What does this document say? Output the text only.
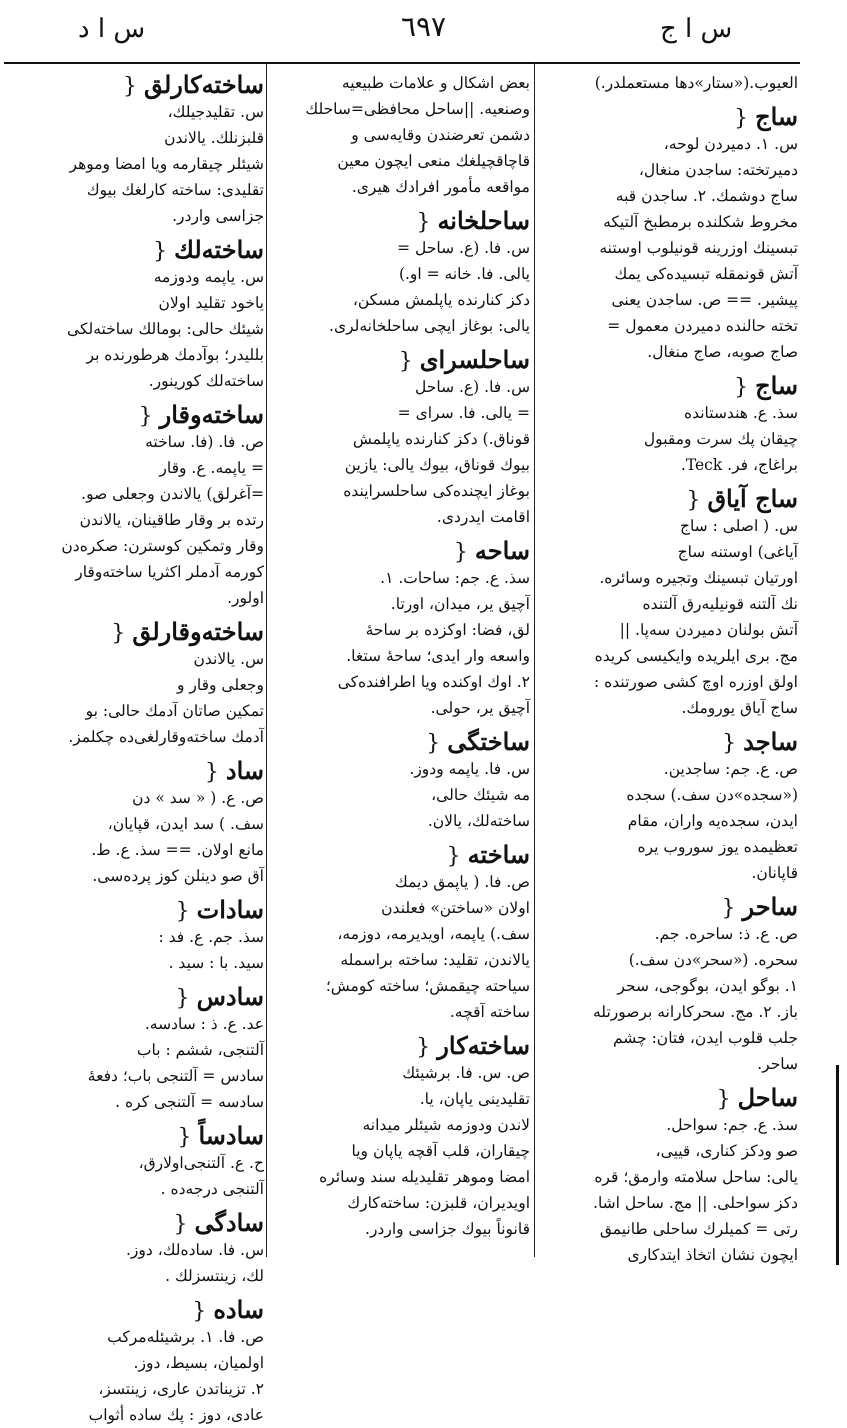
س ا د	٦٩٧	س ا ج
العیوب.(«ستار»دها مستعملدر.)
ساج {
س. ۱. دمیردن لوحه،
دمیرتخته: ساجدن منغال،
ساج دوشمك. ۲. ساجدن قبه
مخروط شكلنده برمطبخ آلتیكه
تبسینك اوزرینه قونیلوب اوستنه
آتش قونمقله تبسیده‌كی یمك
پیشیر. == ص. ساجدن یعنی
تخته حالنده دمیردن معمول =
صاج صوبه، صاج منغال.
ساج {
سذ. ع. هندستانده
چیقان پك سرت ومقبول
براغاج، فر. Teck.
ساج آیاق {
س. ( اصلی : ساج
آیاغی) اوستنه ساج
اورتیان تبسینك وتجیره وسائره.
نك آلتنه قونیلیه‌رق آلتنده
آتش بولنان دمیردن سه‌پا. ||
مج. بری ایلریده وایكیسی كریده
اولق اوزره اوچ كشی صورتنده :
ساج آیاق یورومك.
ساجد {
ص. ع. جم: ساجدین.
(«سجده»دن سف.) سجده
ایدن، سجده‌یه واران، مقام
تعظیمده یوز سوروب یره
قاپانان.
ساحر {
ص. ع. ذ: ساحره. جم.
سحره. («سحر»دن سف.)
۱. بوگو ایدن، بوگوجی، سحر
باز. ۲. مج. سحركارانه برصورتله
جلب قلوب ایدن، فتان: چشم
ساحر.
ساحل {
سذ. ع. جم: سواحل.
صو ودكز كناری، قییی،
یالی: ساحل سلامته وارمق؛ قره
دكز سواحلی. || مج. ساحل اشا.
رتی = كمیلرك ساحلی طانیمق
ایچون نشان اتخاذ ایتدكاری
بعض اشكال و علامات طبیعیه
وصنعیه. ||ساحل محافظی=ساحلك
دشمن تعرضندن وقایه‌سی و
قاچاقچیلغك منعی ایچون معین
مواقعه مأمور افرادك هیری.
ساحلخانه {
س. فا. (ع. ساحل =
یالی. فا. خانه = او.)
دكز كنارنده یاپلمش مسكن،
یالی: بوغاز ایچی ساحلخانه‌لری.
ساحلسرای {
س. فا. (ع. ساحل
= یالی. فا. سرای =
قوناق.) دكز كنارنده یاپلمش
بیوك قوناق، بیوك یالی: یازین
بوغاز ایچنده‌كی ساحلسراینده
اقامت ایدردی.
ساحه {
سذ. ع. جم: ساحات. ۱.
آچیق یر، میدان، اورتا.
لق، فضا: اوكزده بر ساحهٔ
واسعه وار ایدی؛ ساحهٔ ستغا.
۲. اوك اوكنده ویا اطرافنده‌كی
آچیق یر، حولی.
ساختگی {
س. فا. یاپمه ودوز.
مه شیئك حالی،
ساخته‌لك، یالان.
ساخته {
ص. فا. ( یاپمق دیمك
اولان «ساختن» فعلندن
سف.) یاپمه، اویدیرمه، دوزمه،
یالاندن، تقلید: ساخته براسمله
سیاحته چیقمش؛ ساخته كومش؛
ساخته آقچه.
ساخته‌كار {
ص. س. فا. برشیئك
تقلیدینی یاپان، یا.
لاندن ودوزمه شیئلر میدانه
چیقاران، قلب آقچه یاپان ویا
امضا وموهر تقلیدیله سند وسائره
اویدیران، قلبزن: ساخته‌كارك
قانوناً بیوك جزاسی واردر.
ساخته‌كارلق {
س. تقلیدجیلك،
قلبزنلك. یالاندن
شیئلر چیقارمه ویا امضا وموهر
تقلیدی: ساخته كارلغك بیوك
جزاسی واردر.
ساخته‌لك {
س. یاپمه ودوزمه
یاخود تقلید اولان
شیئك حالی: بومالك ساخته‌لكی
بللیدر؛ بوآدمك هرطورنده بر
ساخته‌لك كورینور.
ساخته‌وقار {
ص. فا. (فا. ساخته
= یاپمه. ع. وقار
=آغرلق) یالاندن وجعلی صو.
رتده بر وقار طاقینان، یالاندن
وقار وتمكین كوسترن: صكره‌دن
كورمه آدملر اكثریا ساخته‌وقار
اولور.
ساخته‌وقارلق {
س. یالاندن
وجعلی وقار و
تمكین صاتان آدمك حالی: بو
آدمك ساخته‌وقارلغی‌ده چكلمز.
ساد {
ص. ع. ( « سد » دن
سف. ) سد ایدن، قپایان،
مانع اولان. == سذ. ع. ط.
آق صو دینلن كوز پرده‌سی.
سادات {
سذ. جم. ع. فد :
سید. با : سید .
سادس {
عد. ع. ذ : سادسه.
آلتنجی، ششم : باب
سادس = آلتنجی باب؛ دفعهٔ
سادسه = آلتنجی كره .
سادساً {
ح. ع. آلتنجی‌اولارق،
آلتنجی درجه‌ده .
سادگی {
س. فا. ساده‌لك، دوز.
لك، زینتسزلك .
ساده {
ص. فا. ۱. برشیئله‌مركب
اولمیان، بسیط، دوز.
۲. تزیناتدن عاری، زینتسز،
عادی، دوز : پك ساده أثواب
